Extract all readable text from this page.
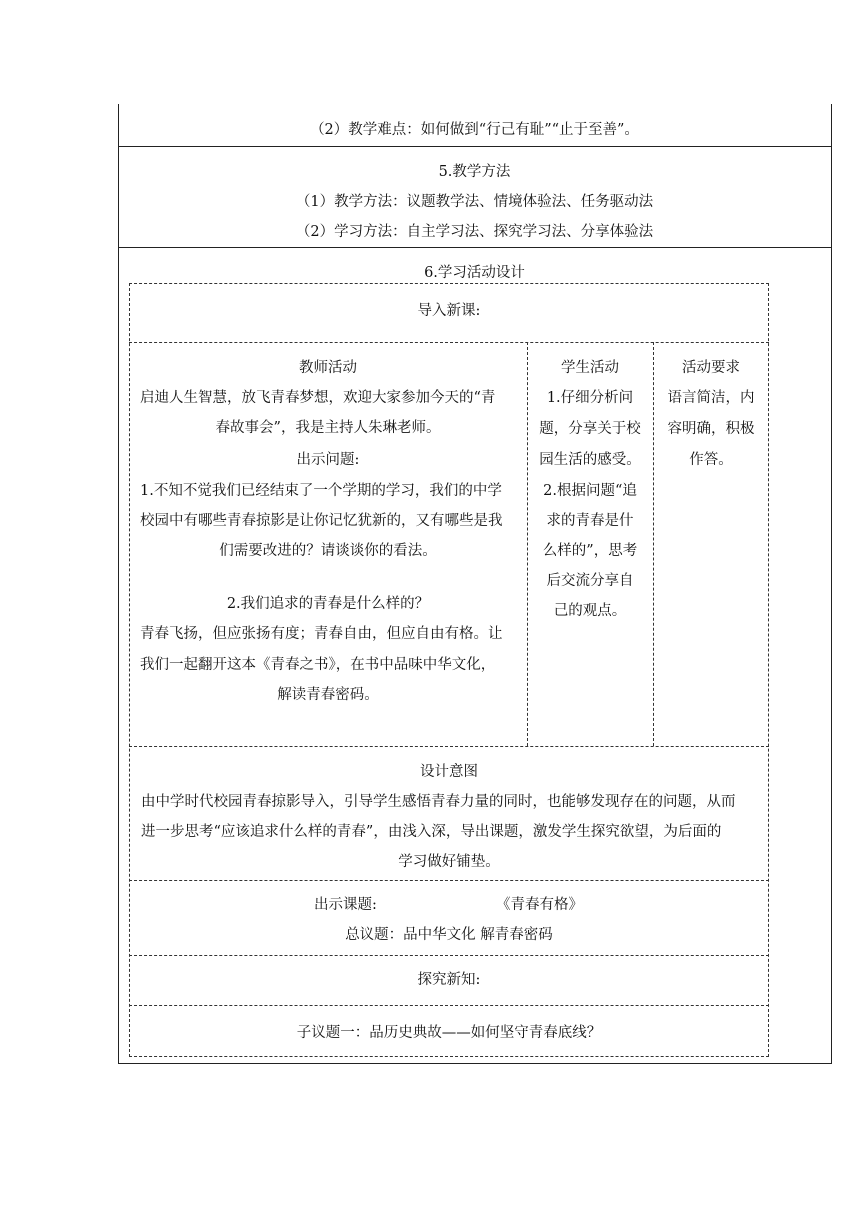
（2）教学难点：如何做到“行己有耻”“止于至善”。
5.教学方法
（1）教学方法：议题教学法、情境体验法、任务驱动法
（2）学习方法：自主学习法、探究学习法、分享体验法
6.学习活动设计
导入新课:
教师活动
启迪人生智慧，放飞青春梦想，欢迎大家参加今天的“青
春故事会”，我是主持人朱琳老师。
出示问题:
1.不知不觉我们已经结束了一个学期的学习，我们的中学
校园中有哪些青春掠影是让你记忆犹新的，又有哪些是我
们需要改进的？请谈谈你的看法。
2.我们追求的青春是什么样的？
青春飞扬，但应张扬有度；青春自由，但应自由有格。让
我们一起翻开这本《青春之书》，在书中品味中华文化，
解读青春密码。
学生活动
1.仔细分析问
题，分享关于校
园生活的感受。
2.根据问题“追
求的青春是什
么样的”，思考
后交流分享自
己的观点。
活动要求
语言简洁，内
容明确，积极
作答。
设计意图
由中学时代校园青春掠影导入，引导学生感悟青春力量的同时，也能够发现存在的问题，从而
进一步思考“应该追求什么样的青春”，由浅入深，导出课题，激发学生探究欲望，为后面的
学习做好铺垫。
出示课题:	《青春有格》
总议题：品中华文化 解青春密码
探究新知:
子议题一：品历史典故——如何坚守青春底线？
